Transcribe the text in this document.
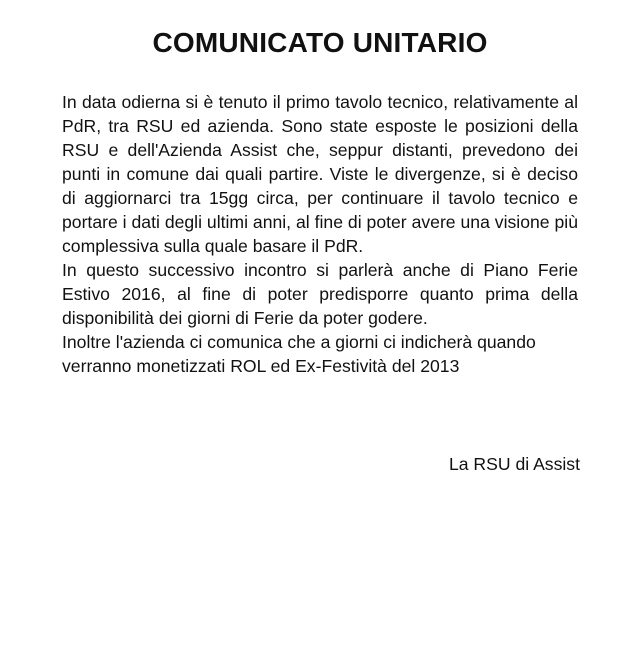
COMUNICATO UNITARIO

In data odierna si è tenuto il primo tavolo tecnico, relativamente al PdR, tra RSU ed azienda. Sono state esposte le posizioni della RSU e dell'Azienda Assist che, seppur distanti, prevedono dei punti in comune dai quali partire. Viste le divergenze, si è deciso di aggiornarci tra 15gg circa, per continuare il tavolo tecnico e portare i dati degli ultimi anni, al fine di poter avere una visione più complessiva sulla quale basare il PdR.

In questo successivo incontro si parlerà anche di Piano Ferie Estivo 2016, al fine di poter predisporre quanto prima della disponibilità dei giorni di Ferie da poter godere.

Inoltre l'azienda ci comunica che a giorni ci indicherà quando verranno monetizzati ROL ed Ex-Festività del 2013

La RSU di Assist
